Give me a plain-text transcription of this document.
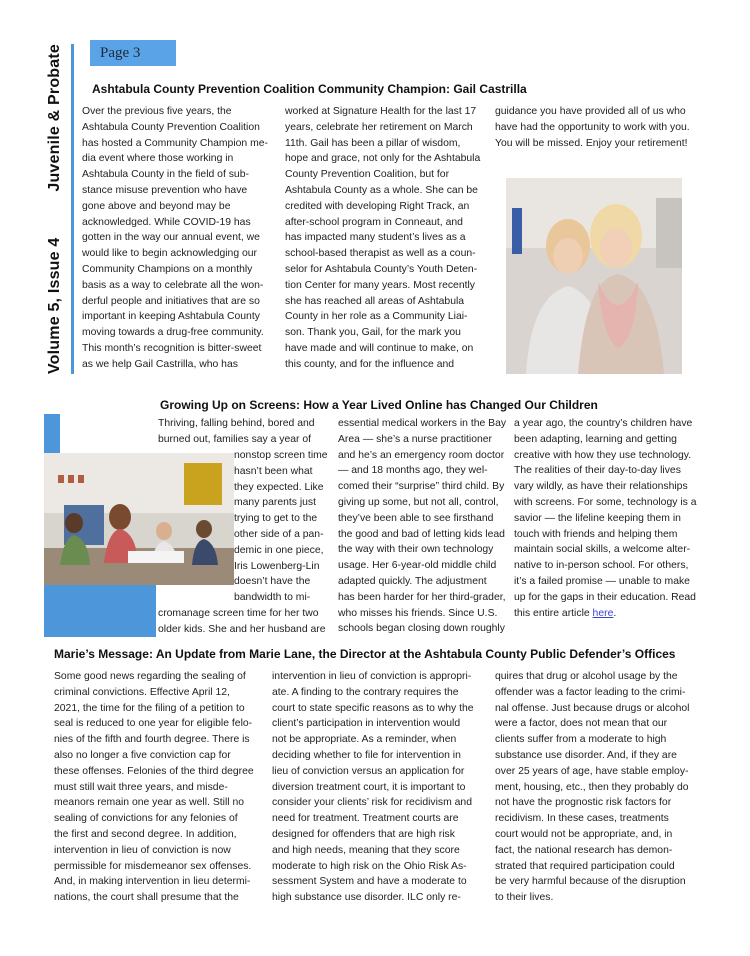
Page 3
Volume 5, Issue 4
Juvenile & Probate	Ashtabula County Prevention Coalition Community Champion: Gail Castrilla

Over the previous five years, the

Ashtabula County Prevention Coalition

has hosted a Community Champion me-

dia event where those working in

Ashtabula County in the field of sub-

stance misuse prevention who have

gone above and beyond may be

acknowledged. While COVID-19 has

gotten in the way our annual event, we

would like to begin acknowledging our

Community Champions on a monthly

basis as a way to celebrate all the won-

derful people and initiatives that are so

important in keeping Ashtabula County

moving towards a drug-free community.

This month’s recognition is bitter-sweet

as we help Gail Castrilla, who has

worked at Signature Health for the last 17

years, celebrate her retirement on March

11th. Gail has been a pillar of wisdom,

hope and grace, not only for the Ashtabula

County Prevention Coalition, but for

Ashtabula County as a whole. She can be

credited with developing Right Track, an

after-school program in Conneaut, and

has impacted many student’s lives as a

school-based therapist as well as a coun-

selor for Ashtabula County’s Youth Deten-

tion Center for many years. Most recently

she has reached all areas of Ashtabula

County in her role as a Community Liai-

son. Thank you, Gail, for the mark you

have made and will continue to make, on

this county, and for the influence and

guidance you have provided all of us who

have had the opportunity to work with you.

You will be missed. Enjoy your retirement!

Growing Up on Screens: How a Year Lived Online has Changed Our Children

Thriving, falling behind, bored and

burned out, families say a year of

nonstop screen time

hasn’t been what

they expected. Like

many parents just

trying to get to the

other side of a pan-

demic in one piece,

Iris Lowenberg-Lin

doesn’t have the

bandwidth to mi-

cromanage screen time for her two

older kids. She and her husband are

essential medical workers in the Bay

Area — she’s a nurse practitioner

and he’s an emergency room doctor

— and 18 months ago, they wel-

comed their “surprise” third child. By

giving up some, but not all, control,

they’ve been able to see firsthand

the good and bad of letting kids lead

the way with their own technology

usage. Her 6-year-old middle child

adapted quickly. The adjustment

has been harder for her third-grader,

who misses his friends. Since U.S.

schools began closing down roughly

a year ago, the country’s children have

been adapting, learning and getting

creative with how they use technology.

The realities of their day-to-day lives

vary wildly, as have their relationships

with screens. For some, technology is a

savior — the lifeline keeping them in

touch with friends and helping them

maintain social skills, a welcome alter-

native to in-person school. For others,

it’s a failed promise — unable to make

up for the gaps in their education. Read

this entire article here.

Marie’s Message: An Update from Marie Lane, the Director at the Ashtabula County Public Defender’s Offices

Some good news regarding the sealing of

criminal convictions. Effective April 12,

2021, the time for the filing of a petition to

seal is reduced to one year for eligible felo-

nies of the fifth and fourth degree. There is

also no longer a five conviction cap for

these offenses. Felonies of the third degree

must still wait three years, and misde-

meanors remain one year as well. Still no

sealing of convictions for any felonies of

the first and second degree. In addition,

intervention in lieu of conviction is now

permissible for misdemeanor sex offenses.

And, in making intervention in lieu determi-

nations, the court shall presume that the

intervention in lieu of conviction is appropri-

ate. A finding to the contrary requires the

court to state specific reasons as to why the

client’s participation in intervention would

not be appropriate. As a reminder, when

deciding whether to file for intervention in

lieu of conviction versus an application for

diversion treatment court, it is important to

consider your clients’ risk for recidivism and

need for treatment. Treatment courts are

designed for offenders that are high risk

and high needs, meaning that they score

moderate to high risk on the Ohio Risk As-

sessment System and have a moderate to

high substance use disorder. ILC only re-

quires that drug or alcohol usage by the

offender was a factor leading to the crimi-

nal offense. Just because drugs or alcohol

were a factor, does not mean that our

clients suffer from a moderate to high

substance use disorder. And, if they are

over 25 years of age, have stable employ-

ment, housing, etc., then they probably do

not have the prognostic risk factors for

recidivism. In these cases, treatments

court would not be appropriate, and, in

fact, the national research has demon-

strated that required participation could

be very harmful because of the disruption

to their lives.
